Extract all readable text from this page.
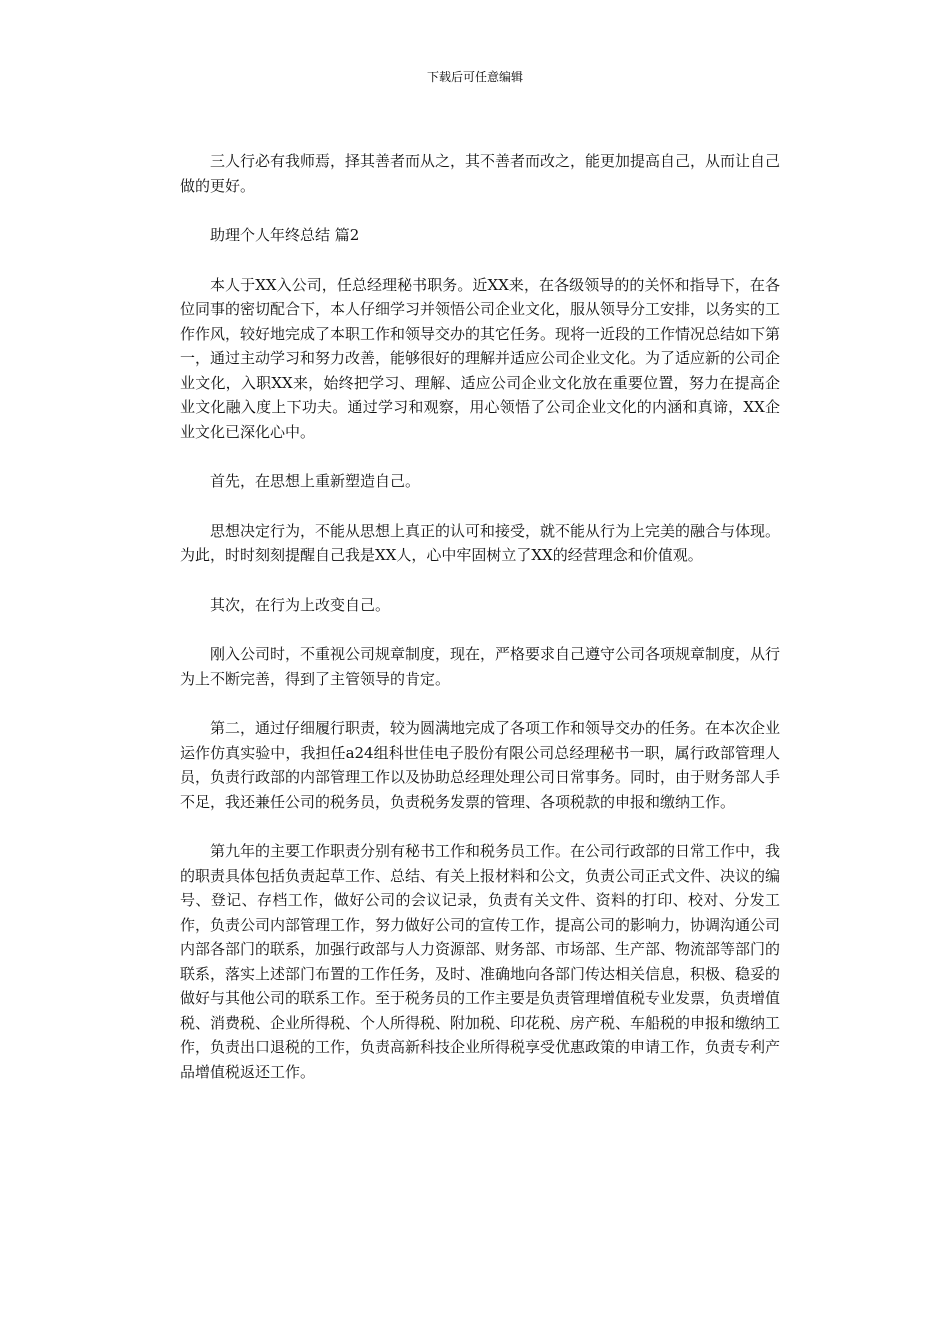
下载后可任意编辑

三人行必有我师焉，择其善者而从之，其不善者而改之，能更加提高自己，从而让自己做的更好。

助理个人年终总结 篇2

本人于XX入公司，任总经理秘书职务。近XX来，在各级领导的的关怀和指导下，在各位同事的密切配合下，本人仔细学习并领悟公司企业文化，服从领导分工安排，以务实的工作作风，较好地完成了本职工作和领导交办的其它任务。现将一近段的工作情况总结如下第一，通过主动学习和努力改善，能够很好的理解并适应公司企业文化。为了适应新的公司企业文化，入职XX来，始终把学习、理解、适应公司企业文化放在重要位置，努力在提高企业文化融入度上下功夫。通过学习和观察，用心领悟了公司企业文化的内涵和真谛，XX企业文化已深化心中。

首先，在思想上重新塑造自己。

思想决定行为，不能从思想上真正的认可和接受，就不能从行为上完美的融合与体现。为此，时时刻刻提醒自己我是XX人，心中牢固树立了XX的经营理念和价值观。

其次，在行为上改变自己。

刚入公司时，不重视公司规章制度，现在，严格要求自己遵守公司各项规章制度，从行为上不断完善，得到了主管领导的肯定。

第二，通过仔细履行职责，较为圆满地完成了各项工作和领导交办的任务。在本次企业运作仿真实验中，我担任a24组科世佳电子股份有限公司总经理秘书一职，属行政部管理人员，负责行政部的内部管理工作以及协助总经理处理公司日常事务。同时，由于财务部人手不足，我还兼任公司的税务员，负责税务发票的管理、各项税款的申报和缴纳工作。

第九年的主要工作职责分别有秘书工作和税务员工作。在公司行政部的日常工作中，我的职责具体包括负责起草工作、总结、有关上报材料和公文，负责公司正式文件、决议的编号、登记、存档工作，做好公司的会议记录，负责有关文件、资料的打印、校对、分发工作，负责公司内部管理工作，努力做好公司的宣传工作，提高公司的影响力，协调沟通公司内部各部门的联系，加强行政部与人力资源部、财务部、市场部、生产部、物流部等部门的联系，落实上述部门布置的工作任务，及时、准确地向各部门传达相关信息，积极、稳妥的做好与其他公司的联系工作。至于税务员的工作主要是负责管理增值税专业发票，负责增值税、消费税、企业所得税、个人所得税、附加税、印花税、房产税、车船税的申报和缴纳工作，负责出口退税的工作，负责高新科技企业所得税享受优惠政策的申请工作，负责专利产品增值税返还工作。
